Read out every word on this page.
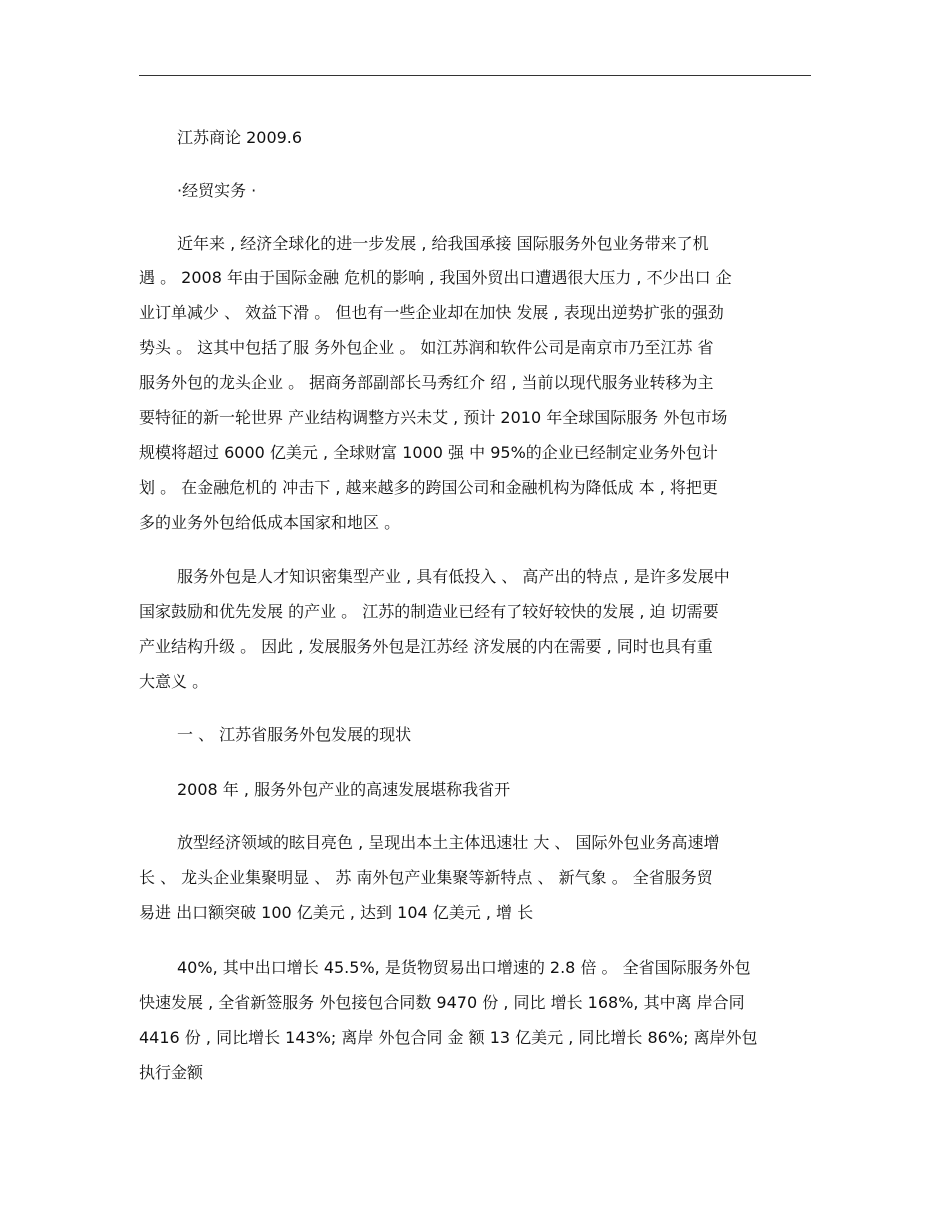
江苏商论 2009.6
·经贸实务 ·
近年来 , 经济全球化的进一步发展 , 给我国承接 国际服务外包业务带来了机
遇 。 2008 年由于国际金融 危机的影响 , 我国外贸出口遭遇很大压力 , 不少出口 企
业订单减少 、 效益下滑 。 但也有一些企业却在加快 发展 , 表现出逆势扩张的强劲
势头 。 这其中包括了服 务外包企业 。 如江苏润和软件公司是南京市乃至江苏 省
服务外包的龙头企业 。 据商务部副部长马秀红介 绍 , 当前以现代服务业转移为主
要特征的新一轮世界 产业结构调整方兴未艾 , 预计 2010 年全球国际服务 外包市场
规模将超过 6000 亿美元 , 全球财富 1000 强 中 95%的企业已经制定业务外包计
划 。 在金融危机的 冲击下 , 越来越多的跨国公司和金融机构为降低成 本 , 将把更
多的业务外包给低成本国家和地区 。
服务外包是人才知识密集型产业 , 具有低投入 、 高产出的特点 , 是许多发展中
国家鼓励和优先发展 的产业 。 江苏的制造业已经有了较好较快的发展 , 迫 切需要
产业结构升级 。 因此 , 发展服务外包是江苏经 济发展的内在需要 , 同时也具有重
大意义 。
一 、 江苏省服务外包发展的现状
2008 年 , 服务外包产业的高速发展堪称我省开
放型经济领域的眩目亮色 , 呈现出本土主体迅速壮 大 、 国际外包业务高速增
长 、 龙头企业集聚明显 、 苏 南外包产业集聚等新特点 、 新气象 。 全省服务贸
易进 出口额突破 100 亿美元 , 达到 104 亿美元 , 增 长
40%, 其中出口增长 45.5%, 是货物贸易出口增速的 2.8 倍 。 全省国际服务外包
快速发展 , 全省新签服务 外包接包合同数 9470 份 , 同比 增长 168%, 其中离 岸合同
4416 份 , 同比增长 143%; 离岸 外包合同 金 额 13 亿美元 , 同比增长 86%; 离岸外包
执行金额
